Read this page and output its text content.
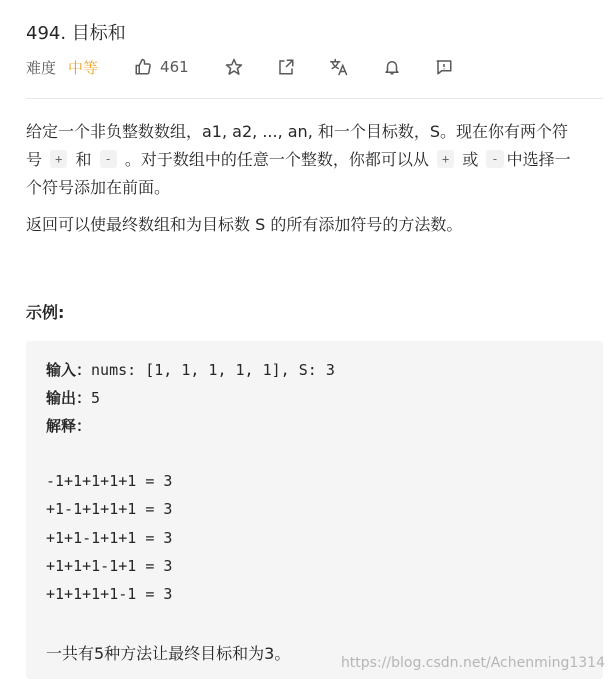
494. 目标和
难度 中等	461
给定一个非负整数数组，a1, a2, ..., an, 和一个目标数，S。现在你有两个符
号 + 和 - 。对于数组中的任意一个整数，你都可以从 + 或 - 中选择一
个符号添加在前面。
返回可以使最终数组和为目标数 S 的所有添加符号的方法数。
示例:
输入：nums: [1, 1, 1, 1, 1], S: 3
输出：5
解释：
-1+1+1+1+1 = 3
+1-1+1+1+1 = 3
+1+1-1+1+1 = 3
+1+1+1-1+1 = 3
+1+1+1+1-1 = 3
一共有5种方法让最终目标和为3。	https://blog.csdn.net/Achenming1314
